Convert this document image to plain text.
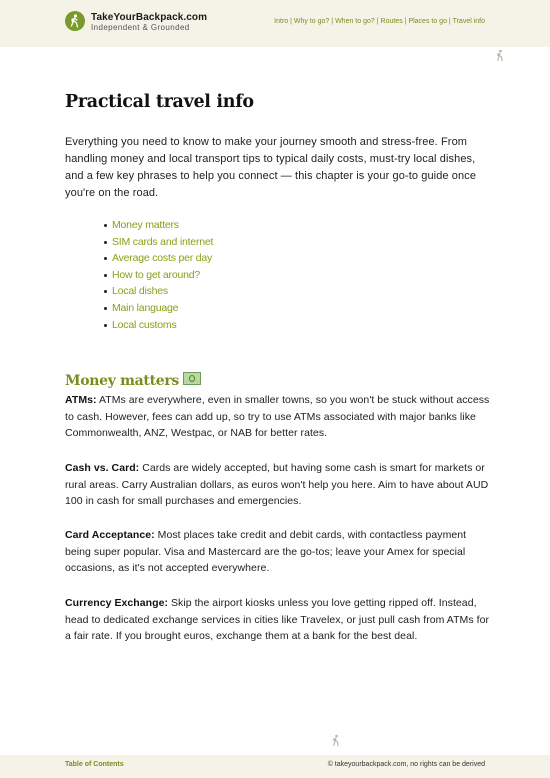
TakeYourBackpack.com
Independent & Grounded
Intro | Why to go? | When to go? | Routes | Places to go | Travel info
Practical travel info

Everything you need to know to make your journey smooth and stress-free. From handling money and local transport tips to typical daily costs, must-try local dishes, and a few key phrases to help you connect — this chapter is your go-to guide once you're on the road.

Money matters
SIM cards and internet
Average costs per day
How to get around?
Local dishes
Main language
Local customs
Money matters

ATMs: ATMs are everywhere, even in smaller towns, so you won't be stuck without access to cash. However, fees can add up, so try to use ATMs associated with major banks like Commonwealth, ANZ, Westpac, or NAB for better rates.

Cash vs. Card: Cards are widely accepted, but having some cash is smart for markets or rural areas. Carry Australian dollars, as euros won't help you here. Aim to have about AUD 100 in cash for small purchases and emergencies.

Card Acceptance: Most places take credit and debit cards, with contactless payment being super popular. Visa and Mastercard are the go-tos; leave your Amex for special occasions, as it's not accepted everywhere.

Currency Exchange: Skip the airport kiosks unless you love getting ripped off. Instead, head to dedicated exchange services in cities like Travelex, or just pull cash from ATMs for a fair rate. If you brought euros, exchange them at a bank for the best deal.

Table of Contents	© takeyourbackpack.com, no rights can be derived
